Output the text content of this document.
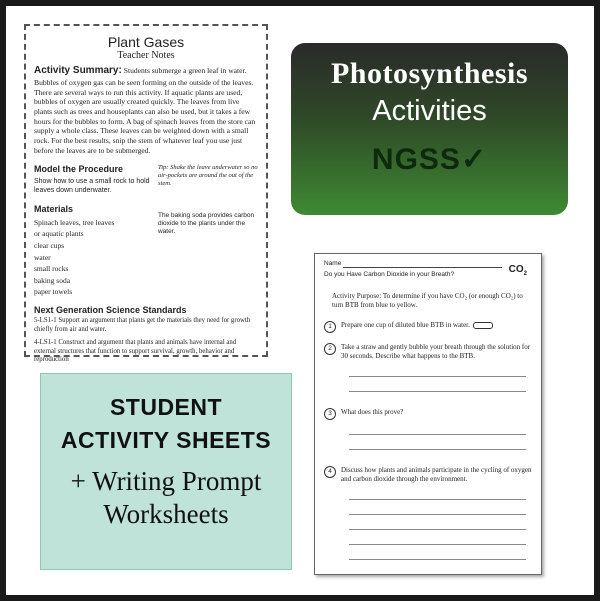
Plant Gases
Teacher Notes
Activity Summary: Students submerge a green leaf in water. Bubbles of oxygen gas can be seen forming on the outside of the leaves. There are several ways to run this activity. If aquatic plants are used, bubbles of oxygen are usually created quickly. The leaves from live plants such as trees and houseplants can also be used, but it takes a few hours for the bubbles to form. A bag of spinach leaves from the store can supply a whole class. These leaves can be weighted down with a small rock. For the best results, snip the stem of whatever leaf you use just before the leaves are to be submerged.
Model the Procedure
Show how to use a small rock to hold leaves down underwater.
Materials
Spinach leaves, tree leaves
or aquatic plants
clear cups
water
small rocks
baking soda
paper towels
Tip: Shake the leave underwater so no air-pockets are around the out of the stem.
The baking soda provides carbon dioxide to the plants under the water.
Next Generation Science Standards
5-LS1-1 Support an argument that plants get the materials they need for growth chiefly from air and water.
4-LS1-1 Construct and argument that plants and animals have internal and external structures that function to support survival, growth, behavior and reproduction
Photosynthesis
Activities
NGSS✓
STUDENT
ACTIVITY SHEETS
+ Writing Prompt
Worksheets
Name
$CO_2$
Do you Have Carbon Dioxide in your Breath?
Activity Purpose: To determine if you have CO₂ (or enough CO₂) to turn BTB from blue to yellow.
1	Prepare one cup of diluted blue BTB in water.
2	Take a straw and gently bubble your breath through the solution for 30 seconds. Describe what happens to the BTB.
3	What does this prove?
4	Discuss how plants and animals participate in the cycling of oxygen and carbon dioxide through the environment.
